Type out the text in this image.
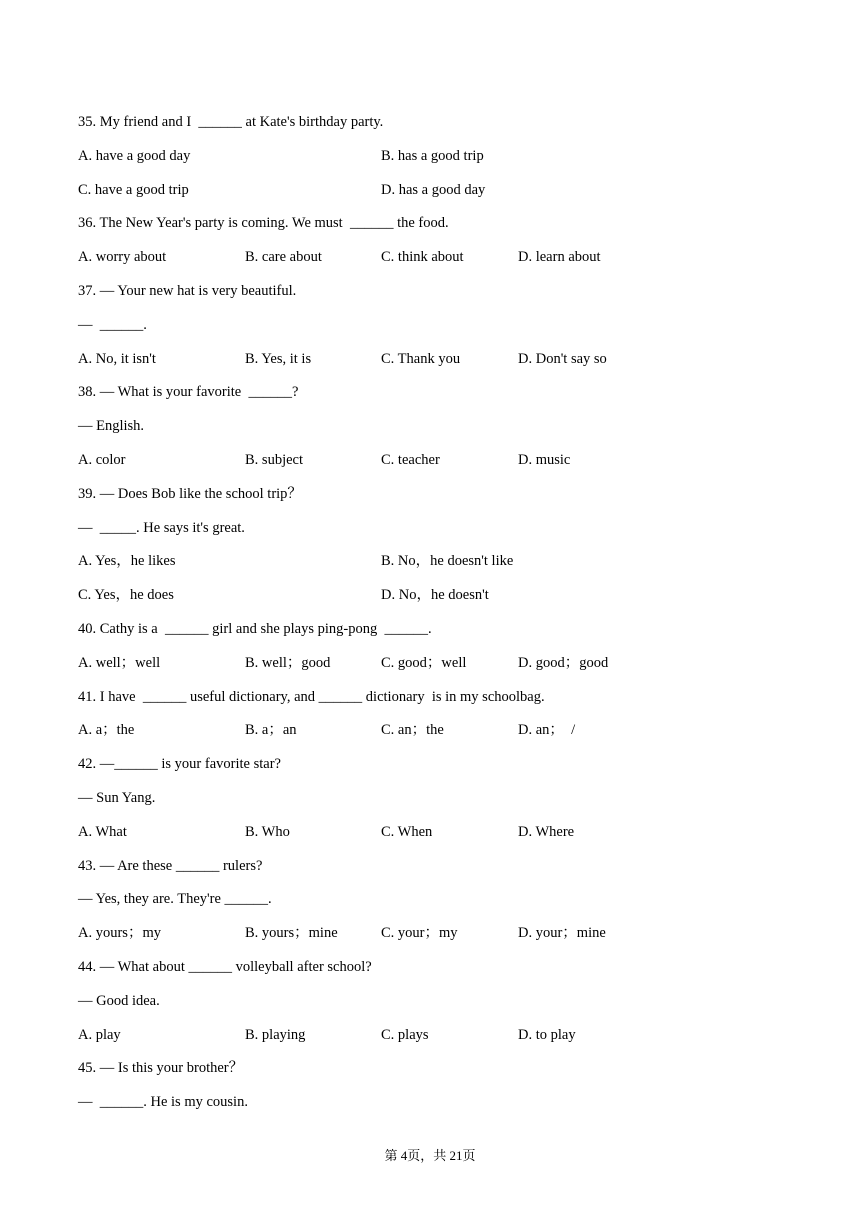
35. My friend and I  ______ at Kate's birthday party.
A. have a good day	B. has a good trip
C. have a good trip	D. has a good day
36. The New Year's party is coming. We must  ______ the food.
A. worry about	B. care about	C. think about	D. learn about
37. — Your new hat is very beautiful.
—  ______.
A. No, it isn't	B. Yes, it is	C. Thank you	D. Don't say so
38. — What is your favorite  ______?
— English.
A. color	B. subject	C. teacher	D. music
39. — Does Bob like the school trip？
—  _____. He says it's great.
A. Yes，he likes	B. No，he doesn't like
C. Yes，he does	D. No，he doesn't
40. Cathy is a  ______ girl and she plays ping-pong  ______.
A. well；well	B. well；good	C. good；well	D. good；good
41. I have  ______ useful dictionary, and ______ dictionary  is in my schoolbag.
A. a；the	B. a；an	C. an；the	D. an；  /
42. —______ is your favorite star?
— Sun Yang.
A. What	B. Who	C. When	D. Where
43. — Are these ______ rulers?
— Yes, they are. They're ______.
A. yours；my	B. yours；mine	C. your；my	D. your；mine
44. — What about ______ volleyball after school?
— Good idea.
A. play	B. playing	C. plays	D. to play
45. — Is this your brother？
—  ______. He is my cousin.
第 4页，共 21页
